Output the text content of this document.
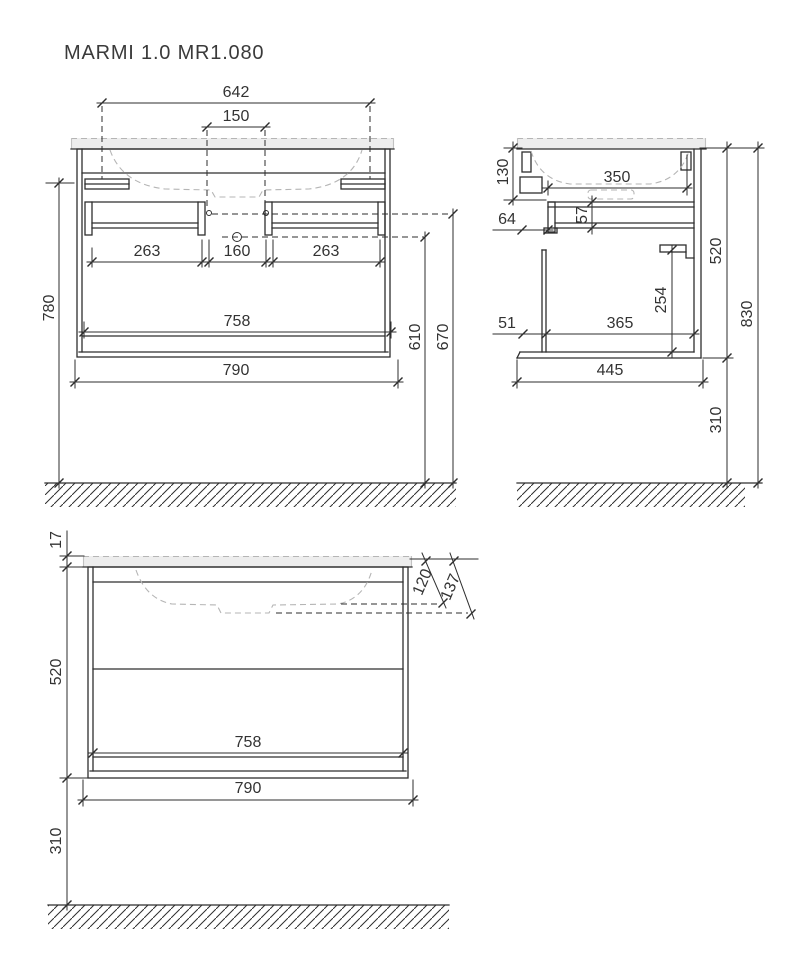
MARMI 1.0 MR1.080
642
150
263	160	263
758
790
780
610 670
130	350
57
64
51	365
254
520
310
830
445
17
520
310
120 137
758
790
